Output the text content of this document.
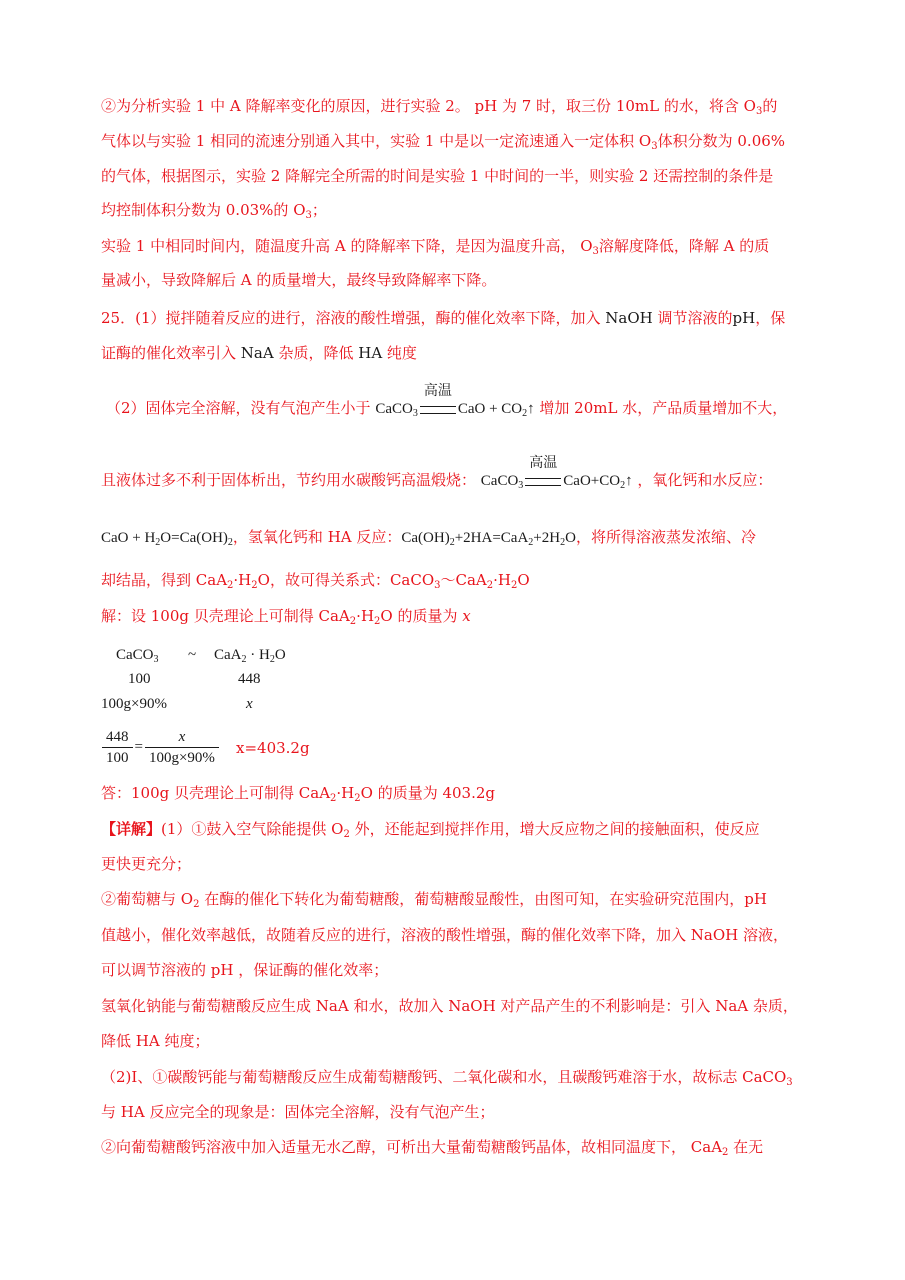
②为分析实验 1 中 A 降解率变化的原因，进行实验 2。 pH 为 7 时，取三份 10mL 的水，将含 $O_3$的
气体以与实验 1 相同的流速分别通入其中，实验 1 中是以一定流速通入一定体积 $O_3$体积分数为 0.06%
的气体，根据图示，实验 2 降解完全所需的时间是实验 1 中时间的一半，则实验 2 还需控制的条件是
均控制体积分数为 0.03%的 $O_3$；
实验 1 中相同时间内，随温度升高 A 的降解率下降，是因为温度升高， $O_3$溶解度降低，降解 A 的质
量减小，导致降解后 A 的质量增大，最终导致降解率下降。
25．(1）搅拌随着反应的进行，溶液的酸性增强，酶的催化效率下降，加入 NaOH 调节溶液的pH，保
证酶的催化效率引入 NaA 杂质，降低 HA 纯度
（2）固体完全溶解，没有气泡产生小于 CaCO$_3$
高温
CaO + $CO_2↑$ 增加 20mL 水，产品质量增加不大，
且液体过多不利于固体析出，节约用水碳酸钙高温煅烧： CaCO$_3$
高温
$CaO+CO_2↑$ ，氧化钙和水反应：
CaO + $H_2O=Ca(OH)_2$，氢氧化钙和 HA 反应：$Ca(OH)_2+2HA=CaA_2+2H_2O$，将所得溶液蒸发浓缩、冷
却结晶，得到 $CaA_2\cdot H_2O$，故可得关系式：$CaCO_3\sim CaA_2\cdot H_2O$
解：设 100g 贝壳理论上可制得 $CaA_2\cdot H_2O$ 的质量为 x
CaCO$_3$ ~ $CaA_2 \cdot H_2O$
100	448
100g×90%	x
$\frac{448}{100} = \frac{x}{100g\times 90\%} x=403.2g$
答：100g 贝壳理论上可制得 $CaA_2\cdot H_2O$ 的质量为 403.2g
【详解】(1）①鼓入空气除能提供 $O_2$ 外，还能起到搅拌作用，增大反应物之间的接触面积，使反应
更快更充分；
②葡萄糖与 $O_2$ 在酶的催化下转化为葡萄糖酸，葡萄糖酸显酸性，由图可知，在实验研究范围内，pH
值越小，催化效率越低，故随着反应的进行，溶液的酸性增强，酶的催化效率下降，加入 NaOH 溶液，
可以调节溶液的 pH ，保证酶的催化效率；
氢氧化钠能与葡萄糖酸反应生成 NaA 和水，故加入 NaOH 对产品产生的不利影响是：引入 NaA 杂质，
降低 HA 纯度；
（2)I、①碳酸钙能与葡萄糖酸反应生成葡萄糖酸钙、二氧化碳和水，且碳酸钙难溶于水，故标志 CaCO$_3$
与 HA 反应完全的现象是：固体完全溶解，没有气泡产生；
②向葡萄糖酸钙溶液中加入适量无水乙醇，可析出大量葡萄糖酸钙晶体，故相同温度下， CaA$_2$ 在无
